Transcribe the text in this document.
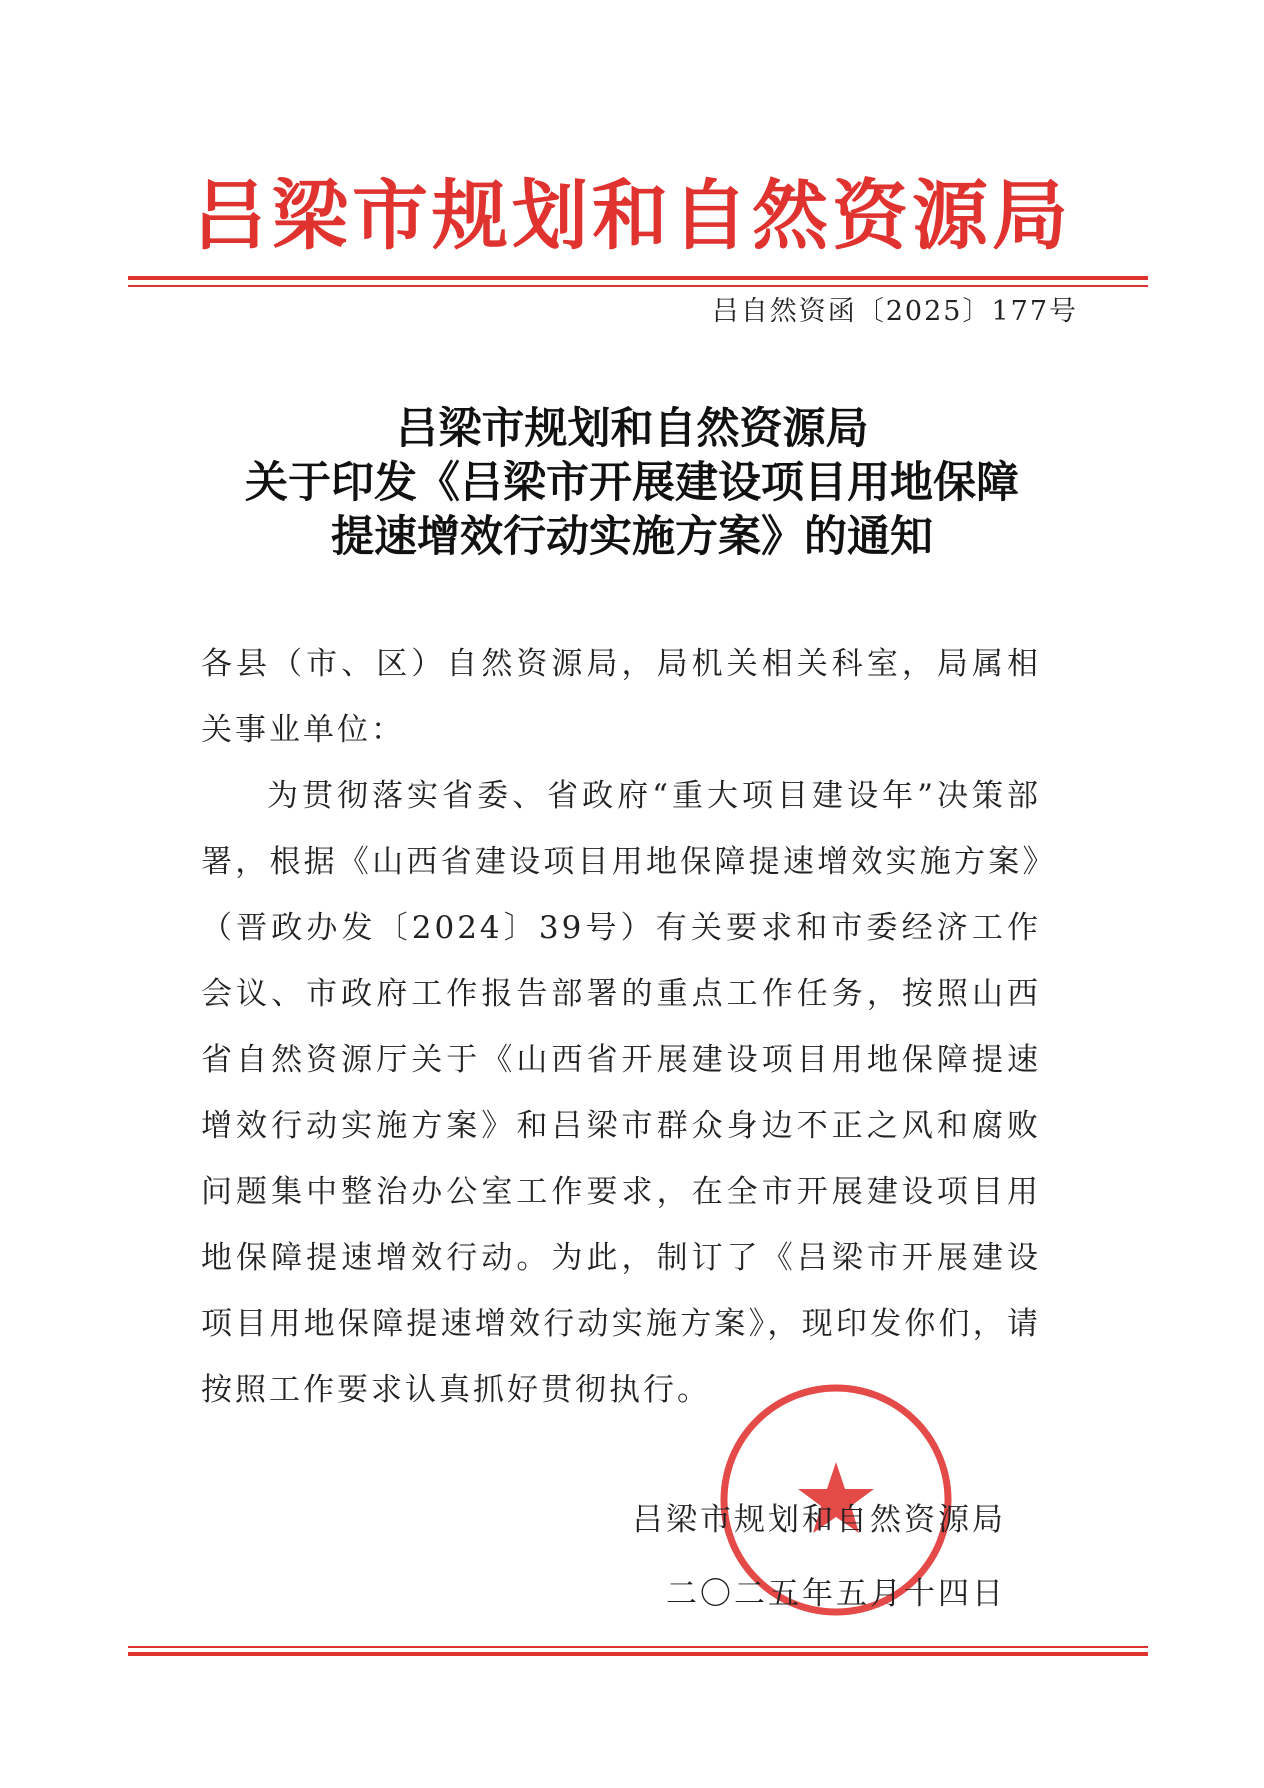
吕梁市规划和自然资源局
吕自然资函〔2025〕177号
吕梁市规划和自然资源局
关于印发《吕梁市开展建设项目用地保障
提速增效行动实施方案》的通知

各县（市、区）自然资源局，局机关相关科室，局属相关事业单位：

为贯彻落实省委、省政府“重大项目建设年”决策部署，根据《山西省建设项目用地保障提速增效实施方案》（晋政办发〔2024〕39号）有关要求和市委经济工作会议、市政府工作报告部署的重点工作任务，按照山西省自然资源厅关于《山西省开展建设项目用地保障提速增效行动实施方案》和吕梁市群众身边不正之风和腐败问题集中整治办公室工作要求，在全市开展建设项目用地保障提速增效行动。为此，制订了《吕梁市开展建设项目用地保障提速增效行动实施方案》，现印发你们，请按照工作要求认真抓好贯彻执行。

吕梁市规划和自然资源局
二〇二五年五月十四日
